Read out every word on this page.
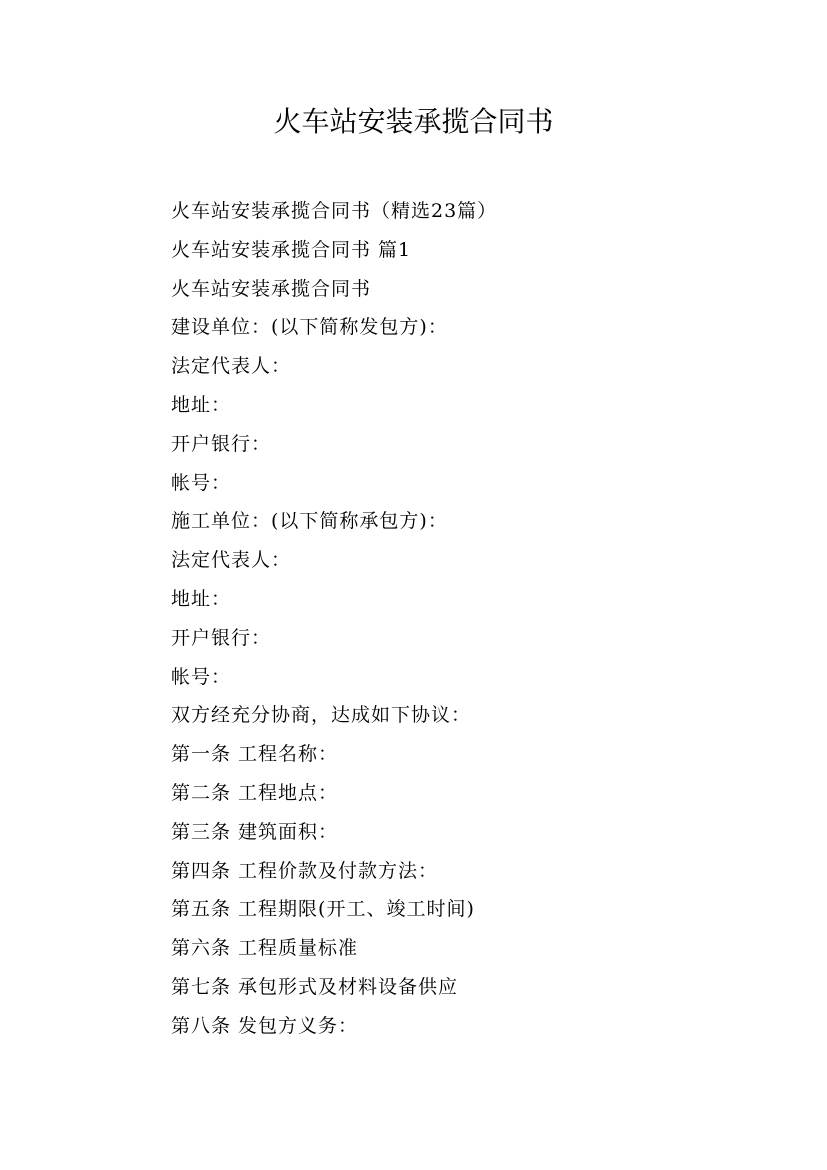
火车站安装承揽合同书
火车站安装承揽合同书（精选23篇）
火车站安装承揽合同书 篇1
火车站安装承揽合同书
建设单位：(以下简称发包方)：
法定代表人：
地址：
开户银行：
帐号：
施工单位：(以下简称承包方)：
法定代表人：
地址：
开户银行：
帐号：
双方经充分协商，达成如下协议：
第一条 工程名称：
第二条 工程地点：
第三条 建筑面积：
第四条 工程价款及付款方法：
第五条 工程期限(开工、竣工时间)
第六条 工程质量标准
第七条 承包形式及材料设备供应
第八条 发包方义务：
